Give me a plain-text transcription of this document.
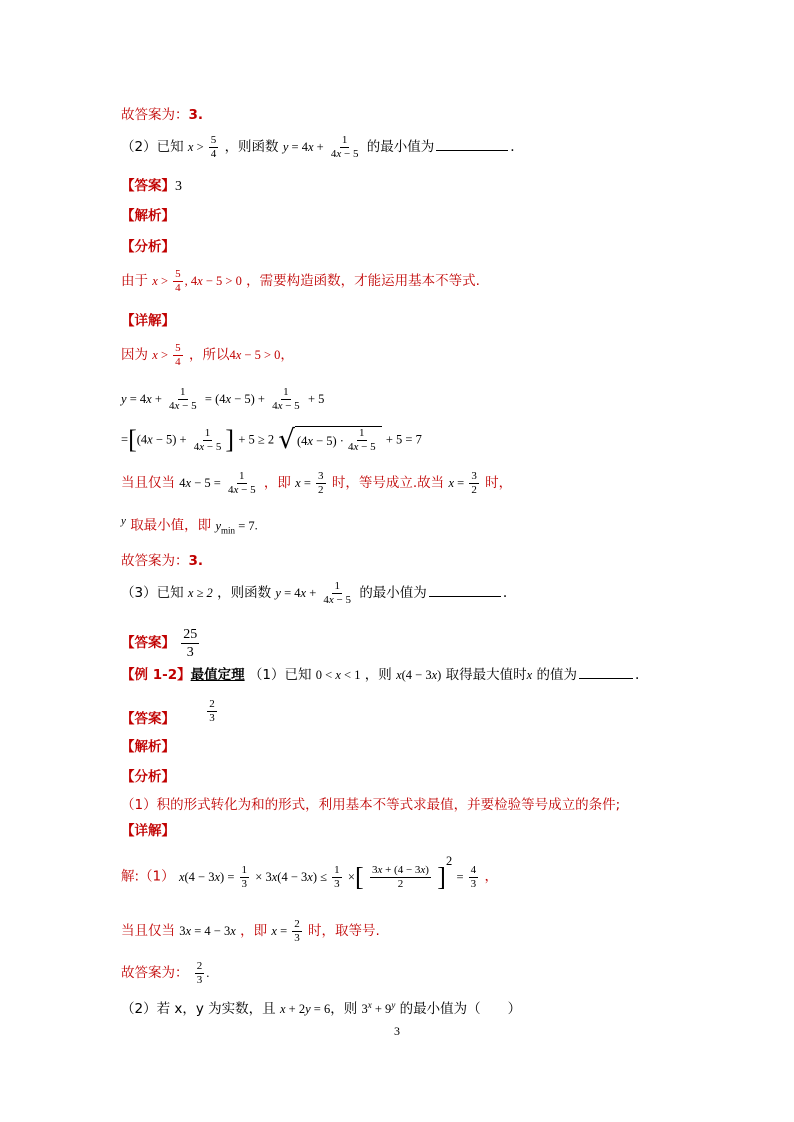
故答案为：3.
（2）已知 $x > \frac{5}{4}$ ，则函数 $y = 4x + \frac{1}{4x - 5}$ 的最小值为	.
【答案】3
【解析】
【分析】
由于 $x > \frac{5}{4}$ , 4x − 5 > 0 ，需要构造函数，才能运用基本不等式.
【详解】
因为 $x > \frac{5}{4}$ ，所以4x − 5 > 0，
$y = 4x + \frac{1}{4x - 5} = (4x - 5) + \frac{1}{4x - 5} + 5$
$=[(4x - 5) + \frac{1}{4x - 5}$ ] + 5 ≥ 2 √ (4x − 5) ·
1
4x − 5
+ 5 = 7
当且仅当 $4x - 5 = \frac{1}{4x - 5}$ ，即 $x = \frac{3}{2}$ 时，等号成立.故当 $x = \frac{3}{2}$ 时，
$^y$ 取最小值，即 $y_{min} = 7$.
故答案为：3.
（3）已知 x ≥ 2 ，则函数 $y = 4x + \frac{1}{4x - 5}$ 的最小值为	.
【答案】 $\frac{25}{3}$
【例 1-2】最值定理 （1）已知 0 < x < 1 ，则 x(4 − 3x) 取得最大值时x 的值为	.
【答案】	$\frac{2}{3}$
【解析】
【分析】
（1）积的形式转化为和的形式，利用基本不等式求最值，并要检验等号成立的条件;
【详解】
解:（1） $x(4 - 3x) = \frac{1}{3} \times 3x(4 - 3x) \le \frac{1}{3}$ ×[ $\frac{3x + (4 - 3x)}{2} ]^2 = \frac{4}{3}$ ，
当且仅当 3x = 4 − 3x ，即 $x = \frac{2}{3}$ 时，取等号.
故答案为： $\frac{2}{3}$ .
（2）若 x，y 为实数，且 x + 2y = 6，则 $3^x + 9^y$ 的最小值为（　　）
3
